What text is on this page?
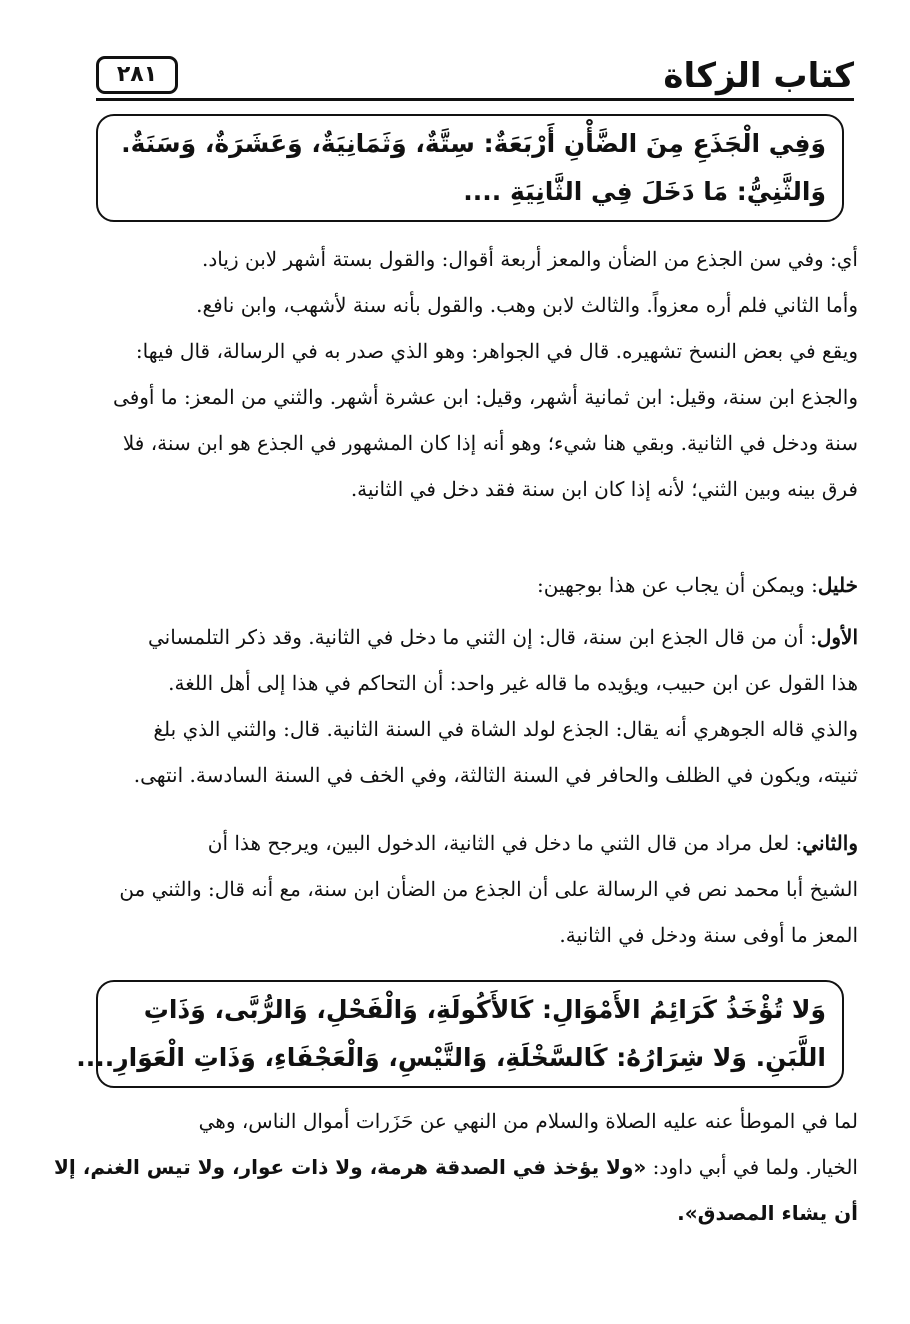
كتاب الزكاة
٢٨١
وَفِي الْجَذَعِ مِنَ الضَّأْنِ أَرْبَعَةٌ: سِتَّةٌ، وَثَمَانِيَةٌ، وَعَشَرَةٌ، وَسَنَةٌ.
وَالثَّنِيُّ: مَا دَخَلَ فِي الثَّانِيَةِ ....

أي: وفي سن الجذع من الضأن والمعز أربعة أقوال: والقول بستة أشهر لابن زياد.

وأما الثاني فلم أره معزواً. والثالث لابن وهب. والقول بأنه سنة لأشهب، وابن نافع.

ويقع في بعض النسخ تشهيره. قال في الجواهر: وهو الذي صدر به في الرسالة، قال فيها:

والجذع ابن سنة، وقيل: ابن ثمانية أشهر، وقيل: ابن عشرة أشهر. والثني من المعز: ما أوفى

سنة ودخل في الثانية. وبقي هنا شيء؛ وهو أنه إذا كان المشهور في الجذع هو ابن سنة، فلا

فرق بينه وبين الثني؛ لأنه إذا كان ابن سنة فقد دخل في الثانية.

خليل: ويمكن أن يجاب عن هذا بوجهين:

الأول: أن من قال الجذع ابن سنة، قال: إن الثني ما دخل في الثانية. وقد ذكر التلمساني

هذا القول عن ابن حبيب، ويؤيده ما قاله غير واحد: أن التحاكم في هذا إلى أهل اللغة.

والذي قاله الجوهري أنه يقال: الجذع لولد الشاة في السنة الثانية. قال: والثني الذي بلغ

ثنيته، ويكون في الظلف والحافر في السنة الثالثة، وفي الخف في السنة السادسة. انتهى.

والثاني: لعل مراد من قال الثني ما دخل في الثانية، الدخول البين، ويرجح هذا أن

الشيخ أبا محمد نص في الرسالة على أن الجذع من الضأن ابن سنة، مع أنه قال: والثني من

المعز ما أوفى سنة ودخل في الثانية.

وَلا تُؤْخَذُ كَرَائِمُ الأَمْوَالِ: كَالأَكُولَةِ، وَالْفَحْلِ، وَالرُّبَّى، وَذَاتِ
اللَّبَنِ. وَلا شِرَارُهُ: كَالسَّخْلَةِ، وَالتَّيْسِ، وَالْعَجْفَاءِ، وَذَاتِ الْعَوَارِ....

لما في الموطأ عنه عليه الصلاة والسلام من النهي عن حَزَرات أموال الناس، وهي

الخيار. ولما في أبي داود: «ولا يؤخذ في الصدقة هرمة، ولا ذات عوار، ولا تيس الغنم، إلا

أن يشاء المصدق».
